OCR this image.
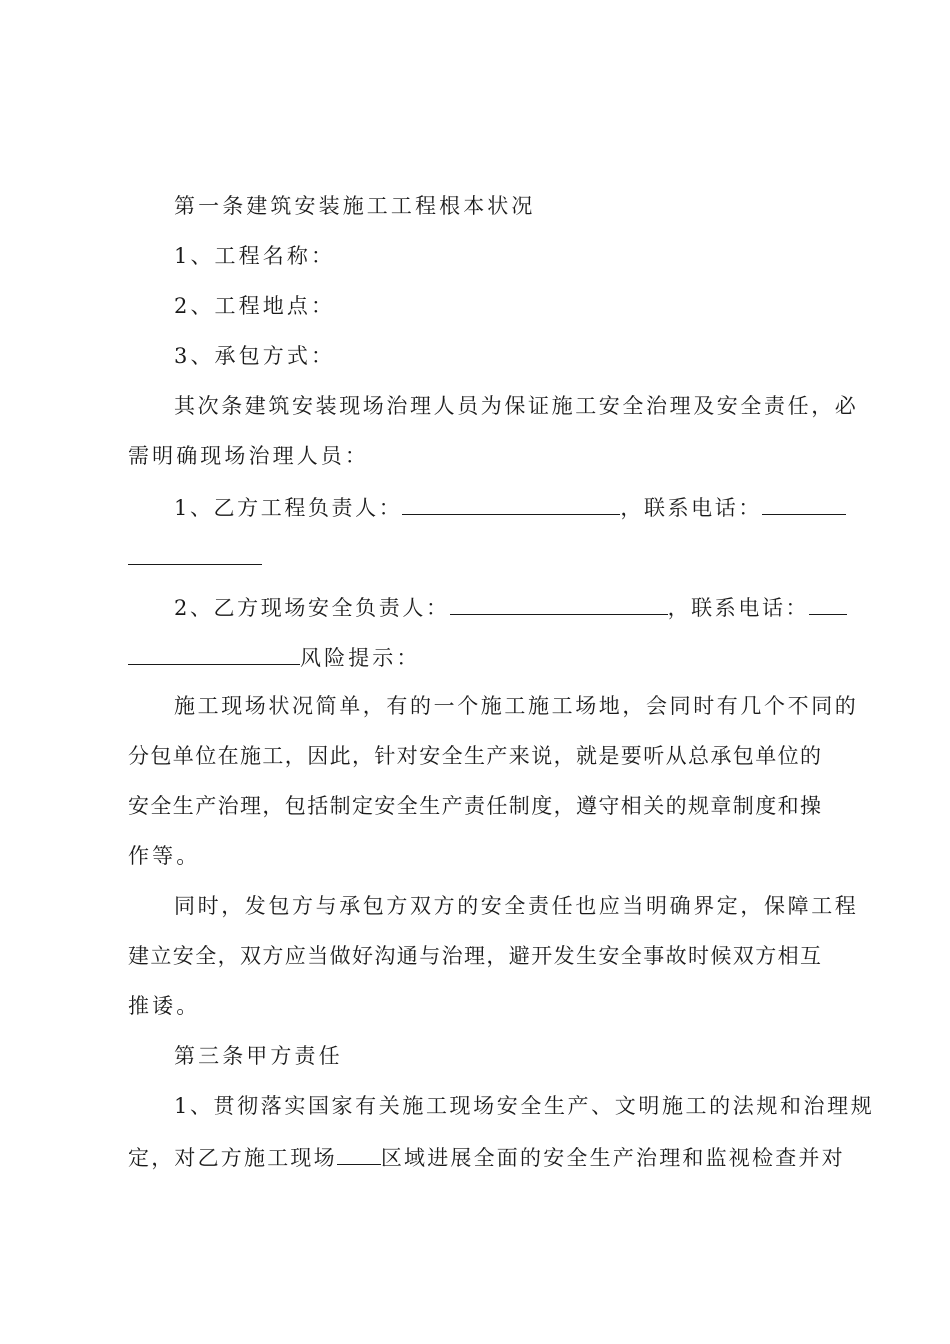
第一条建筑安装施工工程根本状况
1、工程名称：
2、工程地点：
3、承包方式：
其次条建筑安装现场治理人员为保证施工安全治理及安全责任，必
需明确现场治理人员：
1、乙方工程负责人：	，联系电话：
2、乙方现场安全负责人：	，联系电话：
风险提示：
施工现场状况简单，有的一个施工施工场地，会同时有几个不同的
分包单位在施工，因此，针对安全生产来说，就是要听从总承包单位的
安全生产治理，包括制定安全生产责任制度，遵守相关的规章制度和操
作等。
同时，发包方与承包方双方的安全责任也应当明确界定，保障工程
建立安全，双方应当做好沟通与治理，避开发生安全事故时候双方相互
推诿。
第三条甲方责任
1、贯彻落实国家有关施工现场安全生产、文明施工的法规和治理规
定，对乙方施工现场 区域进展全面的安全生产治理和监视检查并对
